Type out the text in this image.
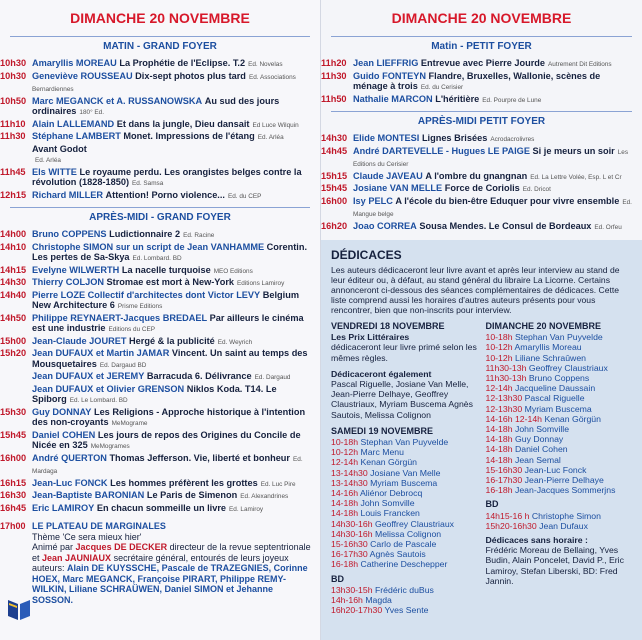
DIMANCHE 20 NOVEMBRE
MATIN - GRAND FOYER
10h30 Amaryllis MOREAU La Prophétie de l'Eclipse. T.2 Ed. Novelas
10h30 Geneviève ROUSSEAU Dix-sept photos plus tard Ed. Associations Bernardiennes
10h50 Marc MEGANCK et A. RUSSANOWSKA Au sud des jours ordinaires 180° Ed.
11h10 Alain LALLEMAND Et dans la jungle, Dieu dansait Ed Luce Wilquin
11h30 Stéphane LAMBERT Monet. Impressions de l'étang Ed. Arléa
Avant Godot
Ed. Arléa
11h45 Els WITTE Le royaume perdu. Les orangistes belges contre la révolution (1828-1850) Ed. Samsa
12h15 Richard MILLER Attention! Porno violence... Ed. du CEP
APRÈS-MIDI - GRAND FOYER
14h00 Bruno COPPENS Ludictionnaire 2 Ed. Racine
14h10 Christophe SIMON sur un script de Jean VANHAMME Corentin. Les pertes de Sa-Skya Ed. Lombard. BD
14h15 Evelyne WILWERTH La nacelle turquoise MEO Editions
14h30 Thierry COLJON Stromae est mort à New-York Editions Lamiroy
14h40 Pierre LOZE Collectif d'architectes dont Victor LEVY Belgium New Architecture 6 Prisme Editions
14h50 Philippe REYNAERT-Jacques BREDAEL Par ailleurs le cinéma est une industrie Editions du CEP
15h00 Jean-Claude JOURET Hergé & la publicité Ed. Weyrich
15h20 Jean DUFAUX et Martin JAMAR Vincent. Un saint au temps des Mousquetaires Ed. Dargaud BD
Jean DUFAUX et JEREMY Barracuda 6. Délivrance Ed. Dargaud
Jean DUFAUX et Olivier GRENSON Niklos Koda. T14. Le Spiborg Ed. Le Lombard. BD
15h30 Guy DONNAY Les Religions - Approche historique à l'intention des non-croyants MeMograme
15h45 Daniel COHEN Les jours de repos des Origines du Concile de Nicée en 325 MeMogrames
16h00 André QUERTON Thomas Jefferson. Vie, liberté et bonheur Ed. Mardaga
16h15 Jean-Luc FONCK Les hommes préfèrent les grottes Ed. Luc Pire
16h30 Jean-Baptiste BARONIAN Le Paris de Simenon Ed. Alexandrines
16h45 Eric LAMIROY En chacun sommeille un livre Ed. Lamiroy
17h00 LE PLATEAU DE MARGINALES
Thème 'Ce sera mieux hier'
Animé par Jacques DE DECKER directeur de la revue septentrionale et Jean JAUNIAUX secrétaire général, entourés de leurs joyeux auteurs: Alain DE KUYSSCHE, Pascale de TRAZEGNIES, Corinne HOEX, Marc MEGANCK, Françoise PIRART, Philippe REMY-WILKIN, Liliane SCHRAÜWEN, Daniel SIMON et Jehanne SOSSON.
DIMANCHE 20 NOVEMBRE
Matin - PETIT FOYER
11h20 Jean LIEFFRIG Entrevue avec Pierre Jourde Autrement Dit Editions
11h30 Guido FONTEYN Flandre, Bruxelles, Wallonie, scènes de ménage à trois Ed. du Cerisier
11h50 Nathalie MARCON L'héritière Ed. Pourpre de Lune
APRÈS-MIDI PETIT FOYER
14h30 Elide MONTESI Lignes Brisées Acrodacrolivres
14h45 André DARTEVELLE - Hugues LE PAIGE Si je meurs un soir Les Editions du Cerisier
15h15 Claude JAVEAU A l'ombre du gnangnan Ed. La Lettre Volée, Esp. L et Cr
15h45 Josiane VAN MELLE Force de Coriolis Ed. Dricot
16h00 Isy PELC A l'école du bien-être Eduquer pour vivre ensemble Ed. Mangue belge
16h20 Joao CORREA Sousa Mendes. Le Consul de Bordeaux Ed. Orfeu
DÉDICACES
Les auteurs dédicaceront leur livre avant et après leur interview au stand de leur éditeur ou, à défaut, au stand général du libraire La Licorne. Certains annonceront ci-dessous des séances complémentaires de dédicaces. Cette liste comprend aussi les horaires d'autres auteurs présents pour vous rencontrer, bien que non-inscrits pour interview.
VENDREDI 18 NOVEMBRE
Les Prix Littéraires
dédicaceront leur livre primé selon les mêmes règles.
Dédicaceront également
Pascal Riguelle, Josiane Van Melle, Jean-Pierre Delhaye, Geoffrey Claustriaux, Myriam Buscema Agnès Sautois, Melissa Colignon
SAMEDI 19 NOVEMBRE
10-18h Stephan Van Puyvelde
10-12h Marc Menu
12-14h Kenan Görgün
13-14h30 Josiane Van Melle
13-14h30 Myriam Buscema
14-16h Aliénor Debrocq
14-18h John Somville
14-18h Louis Francken
14h30-16h Geoffrey Claustriaux
14h30-16h Melissa Colignon
15-16h30 Carlo de Pascale
16-17h30 Agnès Sautois
16-18h Catherine Deschepper
BD
13h30-15h Frédéric duBus
14h-16h Magda
16h20-17h30 Yves Sente
DIMANCHE 20 NOVEMBRE
10-18h Stephan Van Puyvelde
10-12h Amaryllis Moreau
10-12h Liliane Schraûwen
11h30-13h Geoffrey Claustriaux
11h30-13h Bruno Coppens
12-14h Jacqueline Daussain
12-13h30 Pascal Riguelle
12-13h30 Myriam Buscema
14-16h 12-14h Kenan Görgün
14-18h John Somville
14-18h Guy Donnay
14-18h Daniel Cohen
14-18h Jean Semal
15-16h30 Jean-Luc Fonck
16-17h30 Jean-Pierre Delhaye
16-18h Jean-Jacques Sommerjns
BD
14h15-16 h Christophe Simon
15h20-16h30 Jean Dufaux
Dédicaces sans horaire :
Frédéric Moreau de Bellaing, Yves Budin, Alain Poncelet, David P., Eric Lamiroy, Stefan Liberski, BD: Fred Jannin.
